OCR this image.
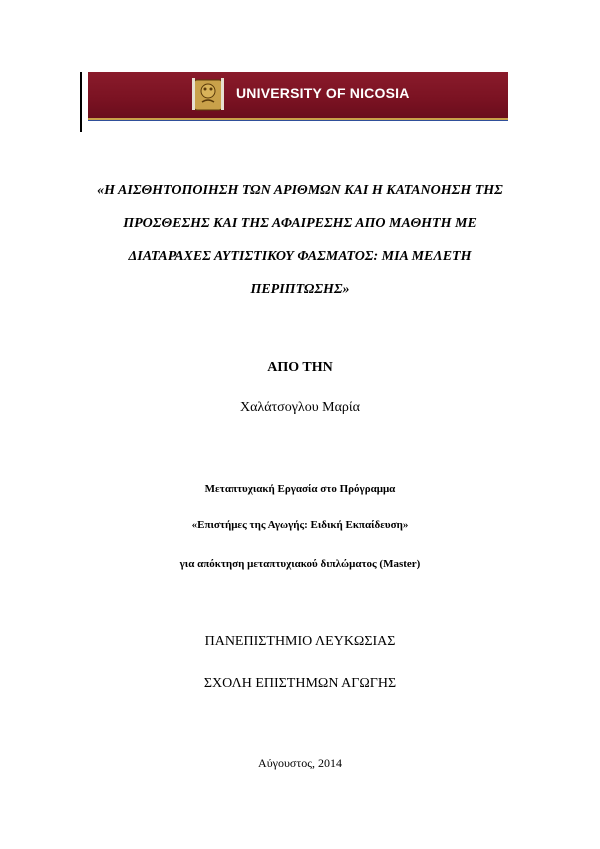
UNIVERSITY OF NICOSIA

«Η ΑΙΣΘΗΤΟΠΟΙΗΣΗ ΤΩΝ ΑΡΙΘΜΩΝ ΚΑΙ Η ΚΑΤΑΝΟΗΣΗ ΤΗΣ
ΠΡΟΣΘΕΣΗΣ ΚΑΙ ΤΗΣ ΑΦΑΙΡΕΣΗΣ ΑΠΟ ΜΑΘΗΤΗ ΜΕ
ΔΙΑΤΑΡΑΧΕΣ ΑΥΤΙΣΤΙΚΟΥ ΦΑΣΜΑΤΟΣ: ΜΙΑ ΜΕΛΕΤΗ
ΠΕΡΙΠΤΩΣΗΣ»

ΑΠΟ ΤΗΝ

Χαλάτσογλου Μαρία

Μεταπτυχιακή Εργασία στο Πρόγραμμα

«Επιστήμες της Αγωγής: Ειδική Εκπαίδευση»

για απόκτηση μεταπτυχιακού διπλώματος (Master)

ΠΑΝΕΠΙΣΤΗΜΙΟ ΛΕΥΚΩΣΙΑΣ

ΣΧΟΛΗ ΕΠΙΣΤΗΜΩΝ ΑΓΩΓΗΣ

Αύγουστος, 2014
